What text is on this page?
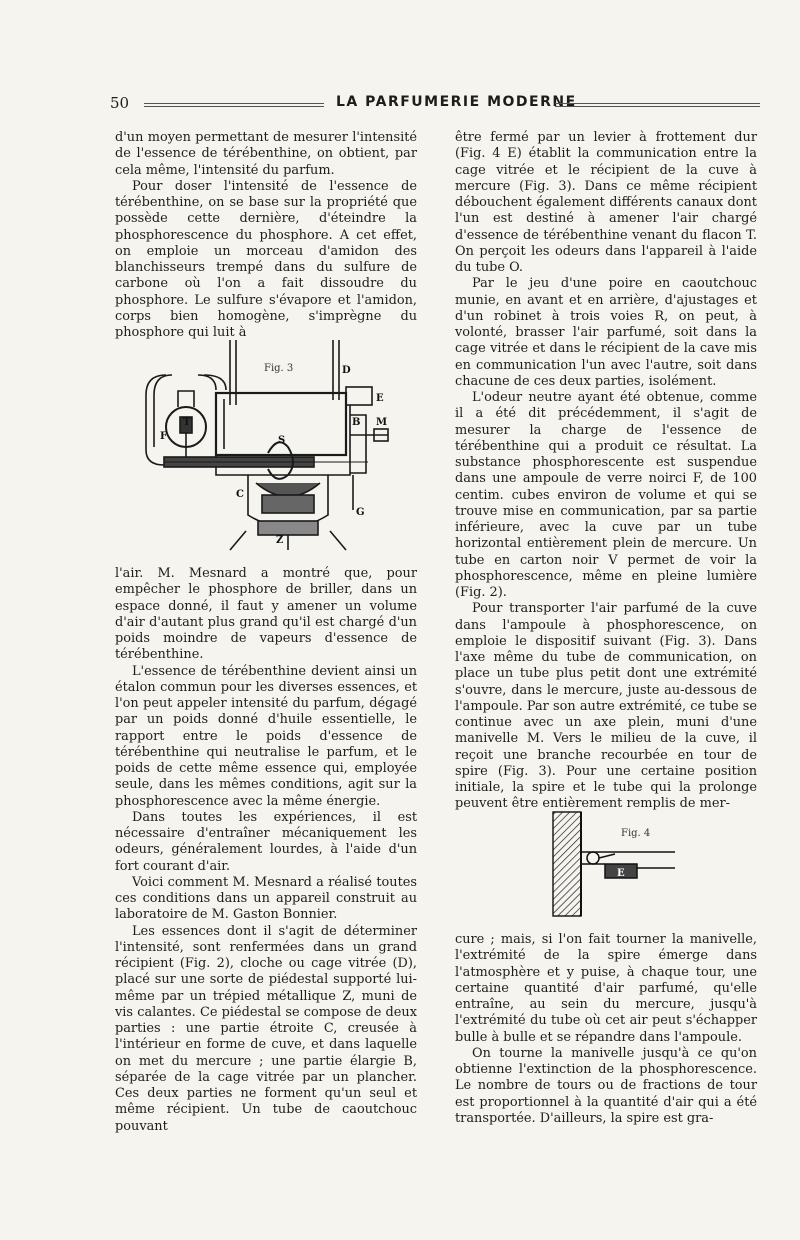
50	LA PARFUMERIE MODERNE

d'un moyen permettant de mesurer l'intensité de l'essence de térébenthine, on obtient, par cela même, l'intensité du parfum.

Pour doser l'intensité de l'essence de térébenthine, on se base sur la propriété que possède cette dernière, d'éteindre la phosphorescence du phosphore. A cet effet, on emploie un morceau d'amidon des blanchisseurs trempé dans du sulfure de carbone où l'on a fait dissoudre du phosphore. Le sulfure s'évapore et l'amidon, corps bien homogène, s'imprègne du phosphore qui luit à

Fig. 3	D
E
B
F
T
S
M
C
G
Z

l'air. M. Mesnard a montré que, pour empêcher le phosphore de briller, dans un espace donné, il faut y amener un volume d'air d'autant plus grand qu'il est chargé d'un poids moindre de vapeurs d'essence de térébenthine.

L'essence de térébenthine devient ainsi un étalon commun pour les diverses essences, et l'on peut appeler intensité du parfum, dégagé par un poids donné d'huile essentielle, le rapport entre le poids d'essence de térébenthine qui neutralise le parfum, et le poids de cette même essence qui, employée seule, dans les mêmes conditions, agit sur la phosphorescence avec la même énergie.

Dans toutes les expériences, il est nécessaire d'entraîner mécaniquement les odeurs, généralement lourdes, à l'aide d'un fort courant d'air.

Voici comment M. Mesnard a réalisé toutes ces conditions dans un appareil construit au laboratoire de M. Gaston Bonnier.

Les essences dont il s'agit de déterminer l'intensité, sont renfermées dans un grand récipient (Fig. 2), cloche ou cage vitrée (D), placé sur une sorte de piédestal supporté lui-même par un trépied métallique Z, muni de vis calantes. Ce piédestal se compose de deux parties : une partie étroite C, creusée à l'intérieur en forme de cuve, et dans laquelle on met du mercure ; une partie élargie B, séparée de la cage vitrée par un plancher. Ces deux parties ne forment qu'un seul et même récipient. Un tube de caoutchouc pouvant

être fermé par un levier à frottement dur (Fig. 4 E) établit la communication entre la cage vitrée et le récipient de la cuve à mercure (Fig. 3). Dans ce même récipient débouchent également différents canaux dont l'un est destiné à amener l'air chargé d'essence de térébenthine venant du flacon T. On perçoit les odeurs dans l'appareil à l'aide du tube O.

Par le jeu d'une poire en caoutchouc munie, en avant et en arrière, d'ajustages et d'un robinet à trois voies R, on peut, à volonté, brasser l'air parfumé, soit dans la cage vitrée et dans le récipient de la cave mis en communication l'un avec l'autre, soit dans chacune de ces deux parties, isolément.

L'odeur neutre ayant été obtenue, comme il a été dit précédemment, il s'agit de mesurer la charge de l'essence de térébenthine qui a produit ce résultat. La substance phosphorescente est suspendue dans une ampoule de verre noirci F, de 100 centim. cubes environ de volume et qui se trouve mise en communication, par sa partie inférieure, avec la cuve par un tube horizontal entièrement plein de mercure. Un tube en carton noir V permet de voir la phosphorescence, même en pleine lumière (Fig. 2).

Pour transporter l'air parfumé de la cuve dans l'ampoule à phosphorescence, on emploie le dispositif suivant (Fig. 3). Dans l'axe même du tube de communication, on place un tube plus petit dont une extrémité s'ouvre, dans le mercure, juste au-dessous de l'ampoule. Par son autre extrémité, ce tube se continue avec un axe plein, muni d'une manivelle M. Vers le milieu de la cuve, il reçoit une branche recourbée en tour de spire (Fig. 3). Pour une certaine position initiale, la spire et le tube qui la prolonge peuvent être entièrement remplis de mer-

Fig. 4
E

cure ; mais, si l'on fait tourner la manivelle, l'extrémité de la spire émerge dans l'atmosphère et y puise, à chaque tour, une certaine quantité d'air parfumé, qu'elle entraîne, au sein du mercure, jusqu'à l'extrémité du tube où cet air peut s'échapper bulle à bulle et se répandre dans l'ampoule.

On tourne la manivelle jusqu'à ce qu'on obtienne l'extinction de la phosphorescence. Le nombre de tours ou de fractions de tour est proportionnel à la quantité d'air qui a été transportée. D'ailleurs, la spire est gra-
